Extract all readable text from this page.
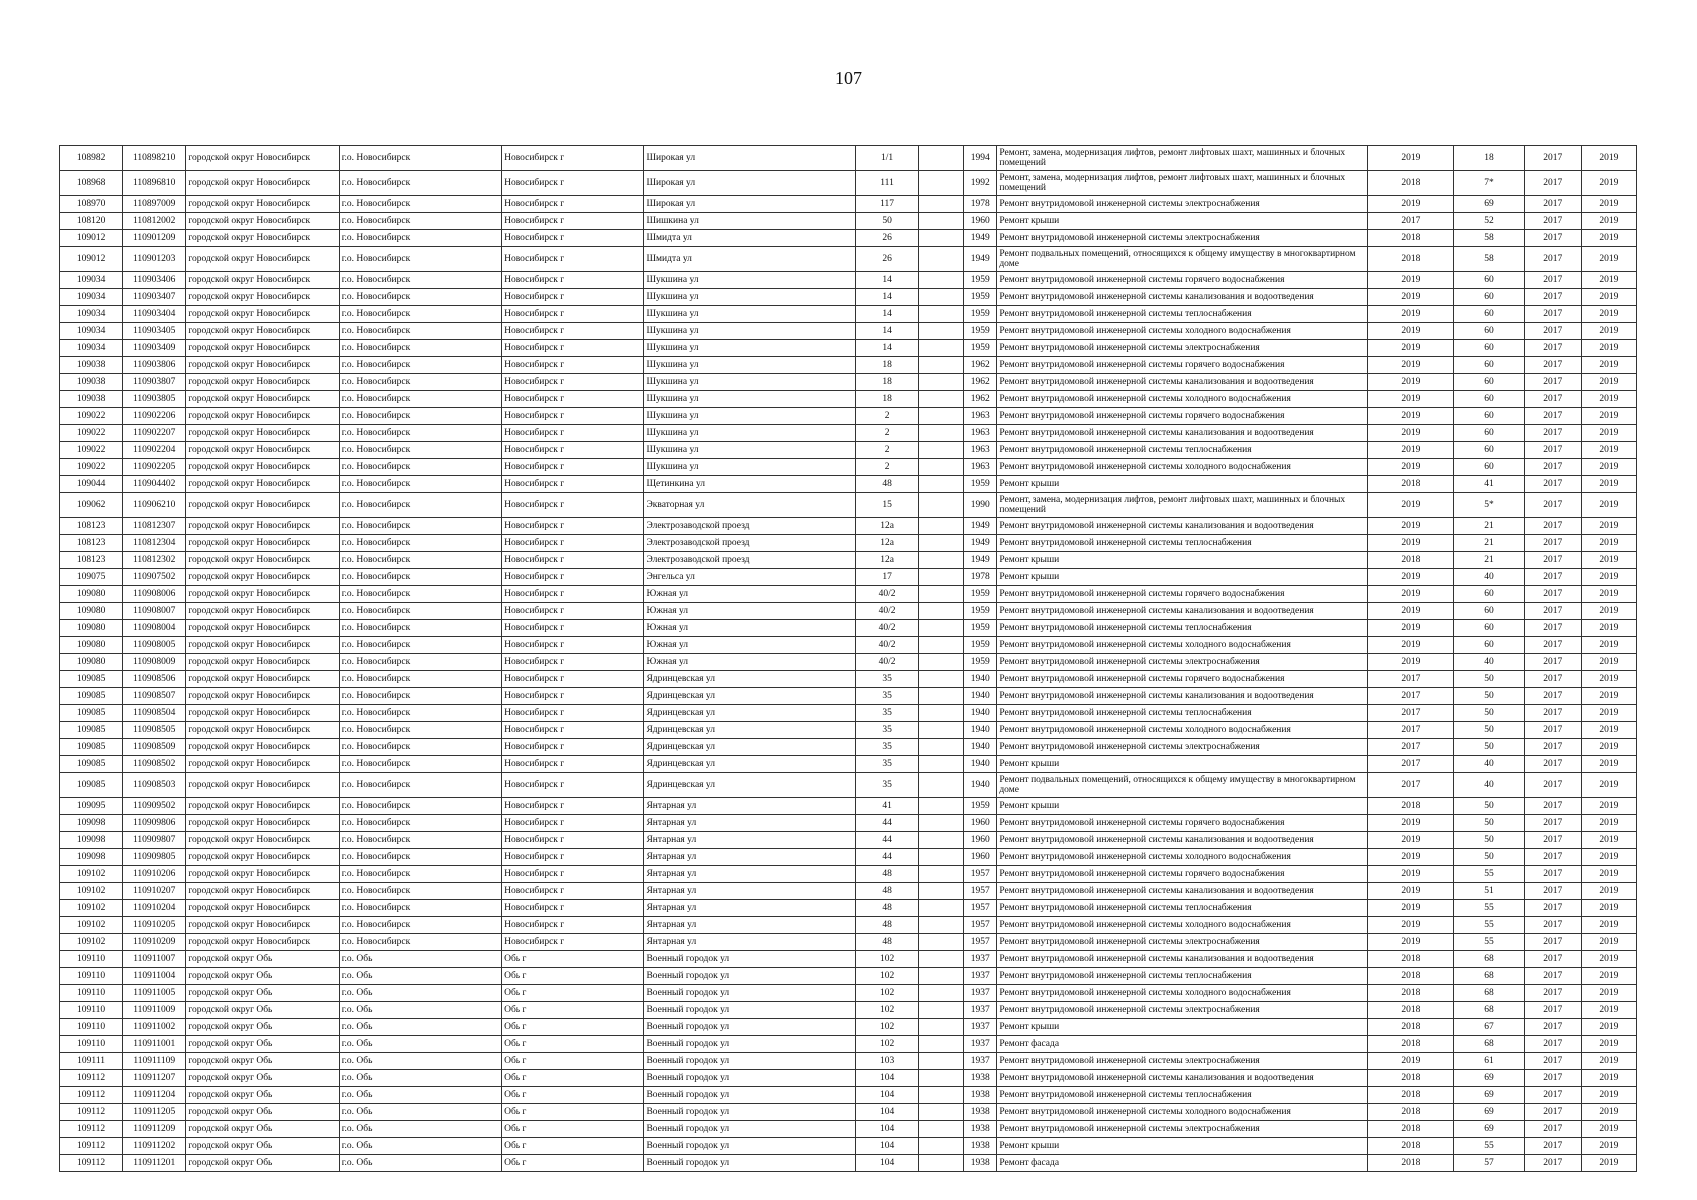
107
108982	110898210	городской округ Новосибирск	г.о. Новосибирск	Новосибирск г	Широкая ул	1/1		1994	Ремонт, замена, модернизация лифтов, ремонт лифтовых шахт, машинных и блочных помещений	2019	18	2017	2019
108968	110896810	городской округ Новосибирск	г.о. Новосибирск	Новосибирск г	Широкая ул	111		1992	Ремонт, замена, модернизация лифтов, ремонт лифтовых шахт, машинных и блочных помещений	2018	7*	2017	2019
108970	110897009	городской округ Новосибирск	г.о. Новосибирск	Новосибирск г	Широкая ул	117		1978	Ремонт внутридомовой инженерной системы электроснабжения	2019	69	2017	2019
108120	110812002	городской округ Новосибирск	г.о. Новосибирск	Новосибирск г	Шишкина ул	50		1960	Ремонт крыши	2017	52	2017	2019
109012	110901209	городской округ Новосибирск	г.о. Новосибирск	Новосибирск г	Шмидта ул	26		1949	Ремонт внутридомовой инженерной системы электроснабжения	2018	58	2017	2019
109012	110901203	городской округ Новосибирск	г.о. Новосибирск	Новосибирск г	Шмидта ул	26		1949	Ремонт подвальных помещений, относящихся к общему имуществу в многоквартирном доме	2018	58	2017	2019
109034	110903406	городской округ Новосибирск	г.о. Новосибирск	Новосибирск г	Шукшина ул	14		1959	Ремонт внутридомовой инженерной системы горячего водоснабжения	2019	60	2017	2019
109034	110903407	городской округ Новосибирск	г.о. Новосибирск	Новосибирск г	Шукшина ул	14		1959	Ремонт внутридомовой инженерной системы канализования и водоотведения	2019	60	2017	2019
109034	110903404	городской округ Новосибирск	г.о. Новосибирск	Новосибирск г	Шукшина ул	14		1959	Ремонт внутридомовой инженерной системы теплоснабжения	2019	60	2017	2019
109034	110903405	городской округ Новосибирск	г.о. Новосибирск	Новосибирск г	Шукшина ул	14		1959	Ремонт внутридомовой инженерной системы холодного водоснабжения	2019	60	2017	2019
109034	110903409	городской округ Новосибирск	г.о. Новосибирск	Новосибирск г	Шукшина ул	14		1959	Ремонт внутридомовой инженерной системы электроснабжения	2019	60	2017	2019
109038	110903806	городской округ Новосибирск	г.о. Новосибирск	Новосибирск г	Шукшина ул	18		1962	Ремонт внутридомовой инженерной системы горячего водоснабжения	2019	60	2017	2019
109038	110903807	городской округ Новосибирск	г.о. Новосибирск	Новосибирск г	Шукшина ул	18		1962	Ремонт внутридомовой инженерной системы канализования и водоотведения	2019	60	2017	2019
109038	110903805	городской округ Новосибирск	г.о. Новосибирск	Новосибирск г	Шукшина ул	18		1962	Ремонт внутридомовой инженерной системы холодного водоснабжения	2019	60	2017	2019
109022	110902206	городской округ Новосибирск	г.о. Новосибирск	Новосибирск г	Шукшина ул	2		1963	Ремонт внутридомовой инженерной системы горячего водоснабжения	2019	60	2017	2019
109022	110902207	городской округ Новосибирск	г.о. Новосибирск	Новосибирск г	Шукшина ул	2		1963	Ремонт внутридомовой инженерной системы канализования и водоотведения	2019	60	2017	2019
109022	110902204	городской округ Новосибирск	г.о. Новосибирск	Новосибирск г	Шукшина ул	2		1963	Ремонт внутридомовой инженерной системы теплоснабжения	2019	60	2017	2019
109022	110902205	городской округ Новосибирск	г.о. Новосибирск	Новосибирск г	Шукшина ул	2		1963	Ремонт внутридомовой инженерной системы холодного водоснабжения	2019	60	2017	2019
109044	110904402	городской округ Новосибирск	г.о. Новосибирск	Новосибирск г	Щетинкина ул	48		1959	Ремонт крыши	2018	41	2017	2019
109062	110906210	городской округ Новосибирск	г.о. Новосибирск	Новосибирск г	Экваторная ул	15		1990	Ремонт, замена, модернизация лифтов, ремонт лифтовых шахт, машинных и блочных помещений	2019	5*	2017	2019
108123	110812307	городской округ Новосибирск	г.о. Новосибирск	Новосибирск г	Электрозаводской проезд	12а		1949	Ремонт внутридомовой инженерной системы канализования и водоотведения	2019	21	2017	2019
108123	110812304	городской округ Новосибирск	г.о. Новосибирск	Новосибирск г	Электрозаводской проезд	12а		1949	Ремонт внутридомовой инженерной системы теплоснабжения	2019	21	2017	2019
108123	110812302	городской округ Новосибирск	г.о. Новосибирск	Новосибирск г	Электрозаводской проезд	12а		1949	Ремонт крыши	2018	21	2017	2019
109075	110907502	городской округ Новосибирск	г.о. Новосибирск	Новосибирск г	Энгельса ул	17		1978	Ремонт крыши	2019	40	2017	2019
109080	110908006	городской округ Новосибирск	г.о. Новосибирск	Новосибирск г	Южная ул	40/2		1959	Ремонт внутридомовой инженерной системы горячего водоснабжения	2019	60	2017	2019
109080	110908007	городской округ Новосибирск	г.о. Новосибирск	Новосибирск г	Южная ул	40/2		1959	Ремонт внутридомовой инженерной системы канализования и водоотведения	2019	60	2017	2019
109080	110908004	городской округ Новосибирск	г.о. Новосибирск	Новосибирск г	Южная ул	40/2		1959	Ремонт внутридомовой инженерной системы теплоснабжения	2019	60	2017	2019
109080	110908005	городской округ Новосибирск	г.о. Новосибирск	Новосибирск г	Южная ул	40/2		1959	Ремонт внутридомовой инженерной системы холодного водоснабжения	2019	60	2017	2019
109080	110908009	городской округ Новосибирск	г.о. Новосибирск	Новосибирск г	Южная ул	40/2		1959	Ремонт внутридомовой инженерной системы электроснабжения	2019	40	2017	2019
109085	110908506	городской округ Новосибирск	г.о. Новосибирск	Новосибирск г	Ядринцевская ул	35		1940	Ремонт внутридомовой инженерной системы горячего водоснабжения	2017	50	2017	2019
109085	110908507	городской округ Новосибирск	г.о. Новосибирск	Новосибирск г	Ядринцевская ул	35		1940	Ремонт внутридомовой инженерной системы канализования и водоотведения	2017	50	2017	2019
109085	110908504	городской округ Новосибирск	г.о. Новосибирск	Новосибирск г	Ядринцевская ул	35		1940	Ремонт внутридомовой инженерной системы теплоснабжения	2017	50	2017	2019
109085	110908505	городской округ Новосибирск	г.о. Новосибирск	Новосибирск г	Ядринцевская ул	35		1940	Ремонт внутридомовой инженерной системы холодного водоснабжения	2017	50	2017	2019
109085	110908509	городской округ Новосибирск	г.о. Новосибирск	Новосибирск г	Ядринцевская ул	35		1940	Ремонт внутридомовой инженерной системы электроснабжения	2017	50	2017	2019
109085	110908502	городской округ Новосибирск	г.о. Новосибирск	Новосибирск г	Ядринцевская ул	35		1940	Ремонт крыши	2017	40	2017	2019
109085	110908503	городской округ Новосибирск	г.о. Новосибирск	Новосибирск г	Ядринцевская ул	35		1940	Ремонт подвальных помещений, относящихся к общему имуществу в многоквартирном доме	2017	40	2017	2019
109095	110909502	городской округ Новосибирск	г.о. Новосибирск	Новосибирск г	Янтарная ул	41		1959	Ремонт крыши	2018	50	2017	2019
109098	110909806	городской округ Новосибирск	г.о. Новосибирск	Новосибирск г	Янтарная ул	44		1960	Ремонт внутридомовой инженерной системы горячего водоснабжения	2019	50	2017	2019
109098	110909807	городской округ Новосибирск	г.о. Новосибирск	Новосибирск г	Янтарная ул	44		1960	Ремонт внутридомовой инженерной системы канализования и водоотведения	2019	50	2017	2019
109098	110909805	городской округ Новосибирск	г.о. Новосибирск	Новосибирск г	Янтарная ул	44		1960	Ремонт внутридомовой инженерной системы холодного водоснабжения	2019	50	2017	2019
109102	110910206	городской округ Новосибирск	г.о. Новосибирск	Новосибирск г	Янтарная ул	48		1957	Ремонт внутридомовой инженерной системы горячего водоснабжения	2019	55	2017	2019
109102	110910207	городской округ Новосибирск	г.о. Новосибирск	Новосибирск г	Янтарная ул	48		1957	Ремонт внутридомовой инженерной системы канализования и водоотведения	2019	51	2017	2019
109102	110910204	городской округ Новосибирск	г.о. Новосибирск	Новосибирск г	Янтарная ул	48		1957	Ремонт внутридомовой инженерной системы теплоснабжения	2019	55	2017	2019
109102	110910205	городской округ Новосибирск	г.о. Новосибирск	Новосибирск г	Янтарная ул	48		1957	Ремонт внутридомовой инженерной системы холодного водоснабжения	2019	55	2017	2019
109102	110910209	городской округ Новосибирск	г.о. Новосибирск	Новосибирск г	Янтарная ул	48		1957	Ремонт внутридомовой инженерной системы электроснабжения	2019	55	2017	2019
109110	110911007	городской округ Обь	г.о. Обь	Обь г	Военный городок ул	102		1937	Ремонт внутридомовой инженерной системы канализования и водоотведения	2018	68	2017	2019
109110	110911004	городской округ Обь	г.о. Обь	Обь г	Военный городок ул	102		1937	Ремонт внутридомовой инженерной системы теплоснабжения	2018	68	2017	2019
109110	110911005	городской округ Обь	г.о. Обь	Обь г	Военный городок ул	102		1937	Ремонт внутридомовой инженерной системы холодного водоснабжения	2018	68	2017	2019
109110	110911009	городской округ Обь	г.о. Обь	Обь г	Военный городок ул	102		1937	Ремонт внутридомовой инженерной системы электроснабжения	2018	68	2017	2019
109110	110911002	городской округ Обь	г.о. Обь	Обь г	Военный городок ул	102		1937	Ремонт крыши	2018	67	2017	2019
109110	110911001	городской округ Обь	г.о. Обь	Обь г	Военный городок ул	102		1937	Ремонт фасада	2018	68	2017	2019
109111	110911109	городской округ Обь	г.о. Обь	Обь г	Военный городок ул	103		1937	Ремонт внутридомовой инженерной системы электроснабжения	2019	61	2017	2019
109112	110911207	городской округ Обь	г.о. Обь	Обь г	Военный городок ул	104		1938	Ремонт внутридомовой инженерной системы канализования и водоотведения	2018	69	2017	2019
109112	110911204	городской округ Обь	г.о. Обь	Обь г	Военный городок ул	104		1938	Ремонт внутридомовой инженерной системы теплоснабжения	2018	69	2017	2019
109112	110911205	городской округ Обь	г.о. Обь	Обь г	Военный городок ул	104		1938	Ремонт внутридомовой инженерной системы холодного водоснабжения	2018	69	2017	2019
109112	110911209	городской округ Обь	г.о. Обь	Обь г	Военный городок ул	104		1938	Ремонт внутридомовой инженерной системы электроснабжения	2018	69	2017	2019
109112	110911202	городской округ Обь	г.о. Обь	Обь г	Военный городок ул	104		1938	Ремонт крыши	2018	55	2017	2019
109112	110911201	городской округ Обь	г.о. Обь	Обь г	Военный городок ул	104		1938	Ремонт фасада	2018	57	2017	2019
